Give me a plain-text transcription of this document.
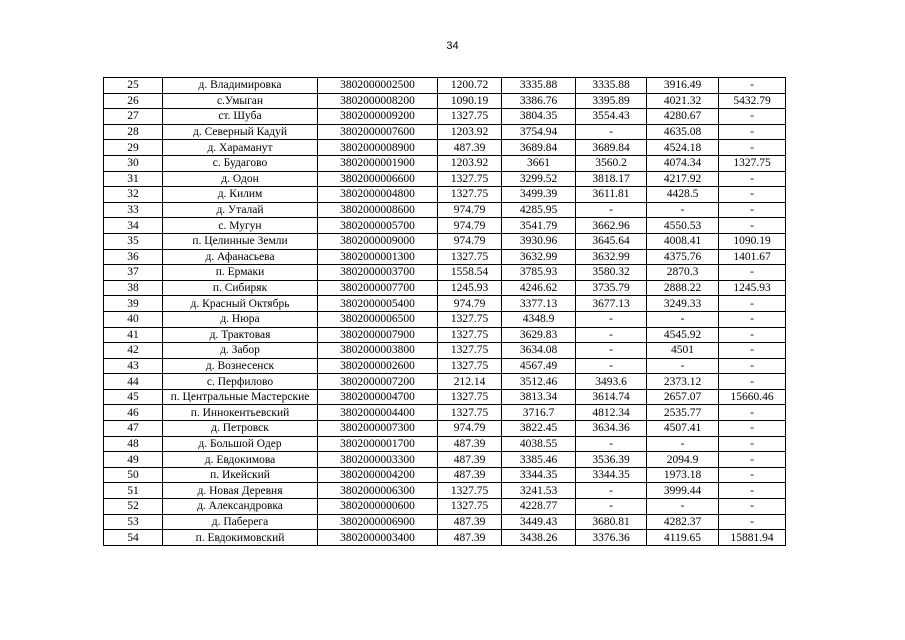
34
25	д. Владимировка	3802000002500	1200.72	3335.88	3335.88	3916.49	-
26	с.Умыган	3802000008200	1090.19	3386.76	3395.89	4021.32	5432.79
27	ст. Шуба	3802000009200	1327.75	3804.35	3554.43	4280.67	-
28	д. Северный Кадуй	3802000007600	1203.92	3754.94	-	4635.08	-
29	д. Хараманут	3802000008900	487.39	3689.84	3689.84	4524.18	-
30	с. Будагово	3802000001900	1203.92	3661	3560.2	4074.34	1327.75
31	д. Одон	3802000006600	1327.75	3299.52	3818.17	4217.92	-
32	д. Килим	3802000004800	1327.75	3499.39	3611.81	4428.5	-
33	д. Уталай	3802000008600	974.79	4285.95	-	-	-
34	с. Мугун	3802000005700	974.79	3541.79	3662.96	4550.53	-
35	п. Целинные Земли	3802000009000	974.79	3930.96	3645.64	4008.41	1090.19
36	д. Афанасьева	3802000001300	1327.75	3632.99	3632.99	4375.76	1401.67
37	п. Ермаки	3802000003700	1558.54	3785.93	3580.32	2870.3	-
38	п. Сибиряк	3802000007700	1245.93	4246.62	3735.79	2888.22	1245.93
39	д. Красный Октябрь	3802000005400	974.79	3377.13	3677.13	3249.33	-
40	д. Нюра	3802000006500	1327.75	4348.9	-	-	-
41	д. Трактовая	3802000007900	1327.75	3629.83	-	4545.92	-
42	д. Забор	3802000003800	1327.75	3634.08	-	4501	-
43	д. Вознесенск	3802000002600	1327.75	4567.49	-	-	-
44	с. Перфилово	3802000007200	212.14	3512.46	3493.6	2373.12	-
45	п. Центральные Мастерские	3802000004700	1327.75	3813.34	3614.74	2657.07	15660.46
46	п. Иннокентьевский	3802000004400	1327.75	3716.7	4812.34	2535.77	-
47	д. Петровск	3802000007300	974.79	3822.45	3634.36	4507.41	-
48	д. Большой Одер	3802000001700	487.39	4038.55	-	-	-
49	д. Евдокимова	3802000003300	487.39	3385.46	3536.39	2094.9	-
50	п. Икейский	3802000004200	487.39	3344.35	3344.35	1973.18	-
51	д. Новая Деревня	3802000006300	1327.75	3241.53	-	3999.44	-
52	д. Александровка	3802000000600	1327.75	4228.77	-	-	-
53	д. Паберега	3802000006900	487.39	3449.43	3680.81	4282.37	-
54	п. Евдокимовский	3802000003400	487.39	3438.26	3376.36	4119.65	15881.94
